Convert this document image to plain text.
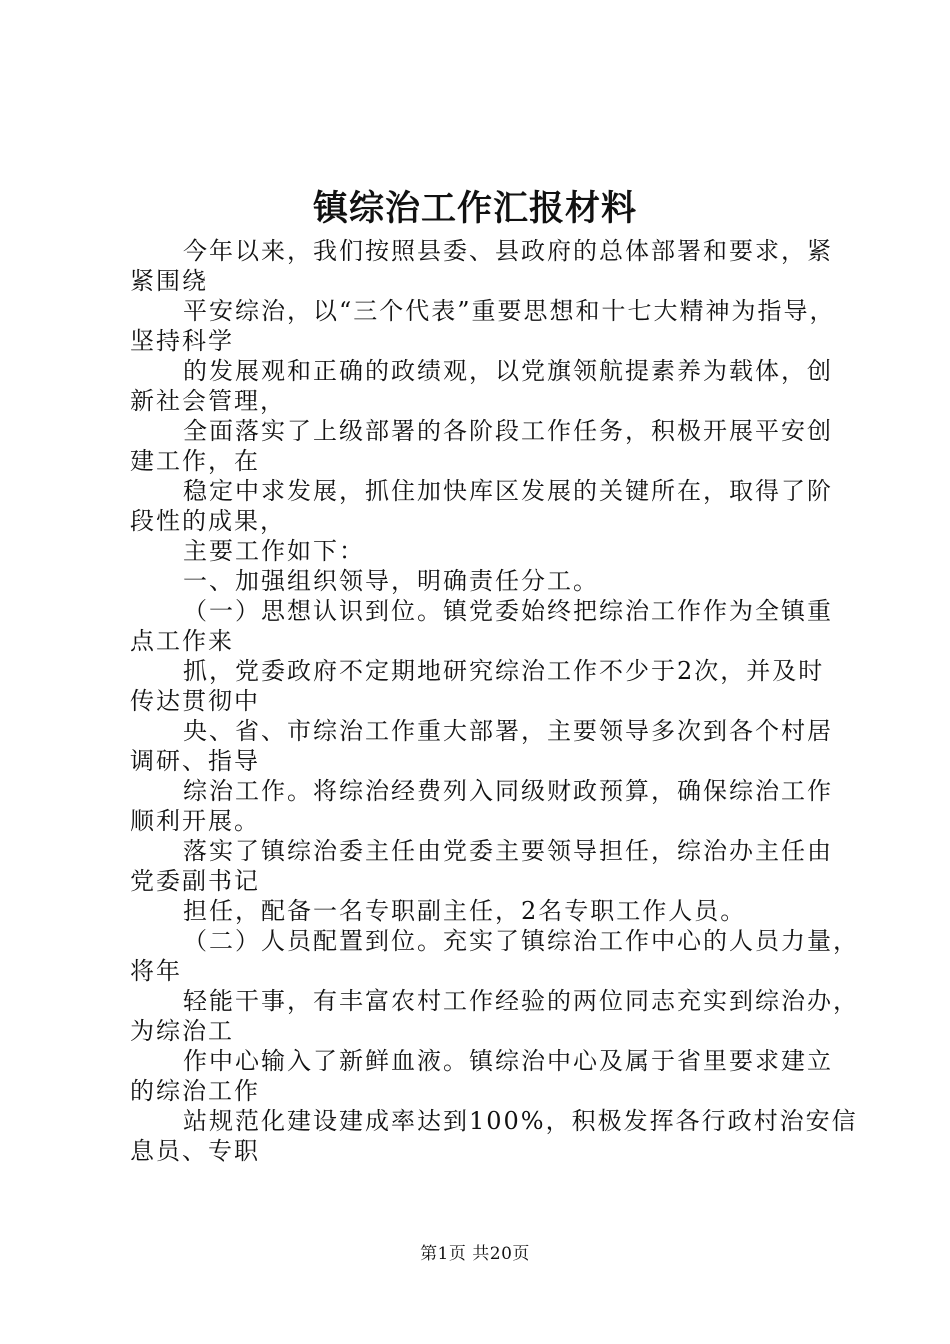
镇综治工作汇报材料
今年以来，我们按照县委、县政府的总体部署和要求，紧
紧围绕
平安综治，以“三个代表”重要思想和十七大精神为指导，
坚持科学
的发展观和正确的政绩观，以党旗领航提素养为载体，创
新社会管理，
全面落实了上级部署的各阶段工作任务，积极开展平安创
建工作，在
稳定中求发展，抓住加快库区发展的关键所在，取得了阶
段性的成果，
主要工作如下：
一、加强组织领导，明确责任分工。
（一）思想认识到位。镇党委始终把综治工作作为全镇重
点工作来
抓，党委政府不定期地研究综治工作不少于2次，并及时
传达贯彻中
央、省、市综治工作重大部署，主要领导多次到各个村居
调研、指导
综治工作。将综治经费列入同级财政预算，确保综治工作
顺利开展。
落实了镇综治委主任由党委主要领导担任，综治办主任由
党委副书记
担任，配备一名专职副主任，2名专职工作人员。
（二）人员配置到位。充实了镇综治工作中心的人员力量，
将年
轻能干事，有丰富农村工作经验的两位同志充实到综治办，
为综治工
作中心输入了新鲜血液。镇综治中心及属于省里要求建立
的综治工作
站规范化建设建成率达到100%，积极发挥各行政村治安信
息员、专职
第1页 共20页
